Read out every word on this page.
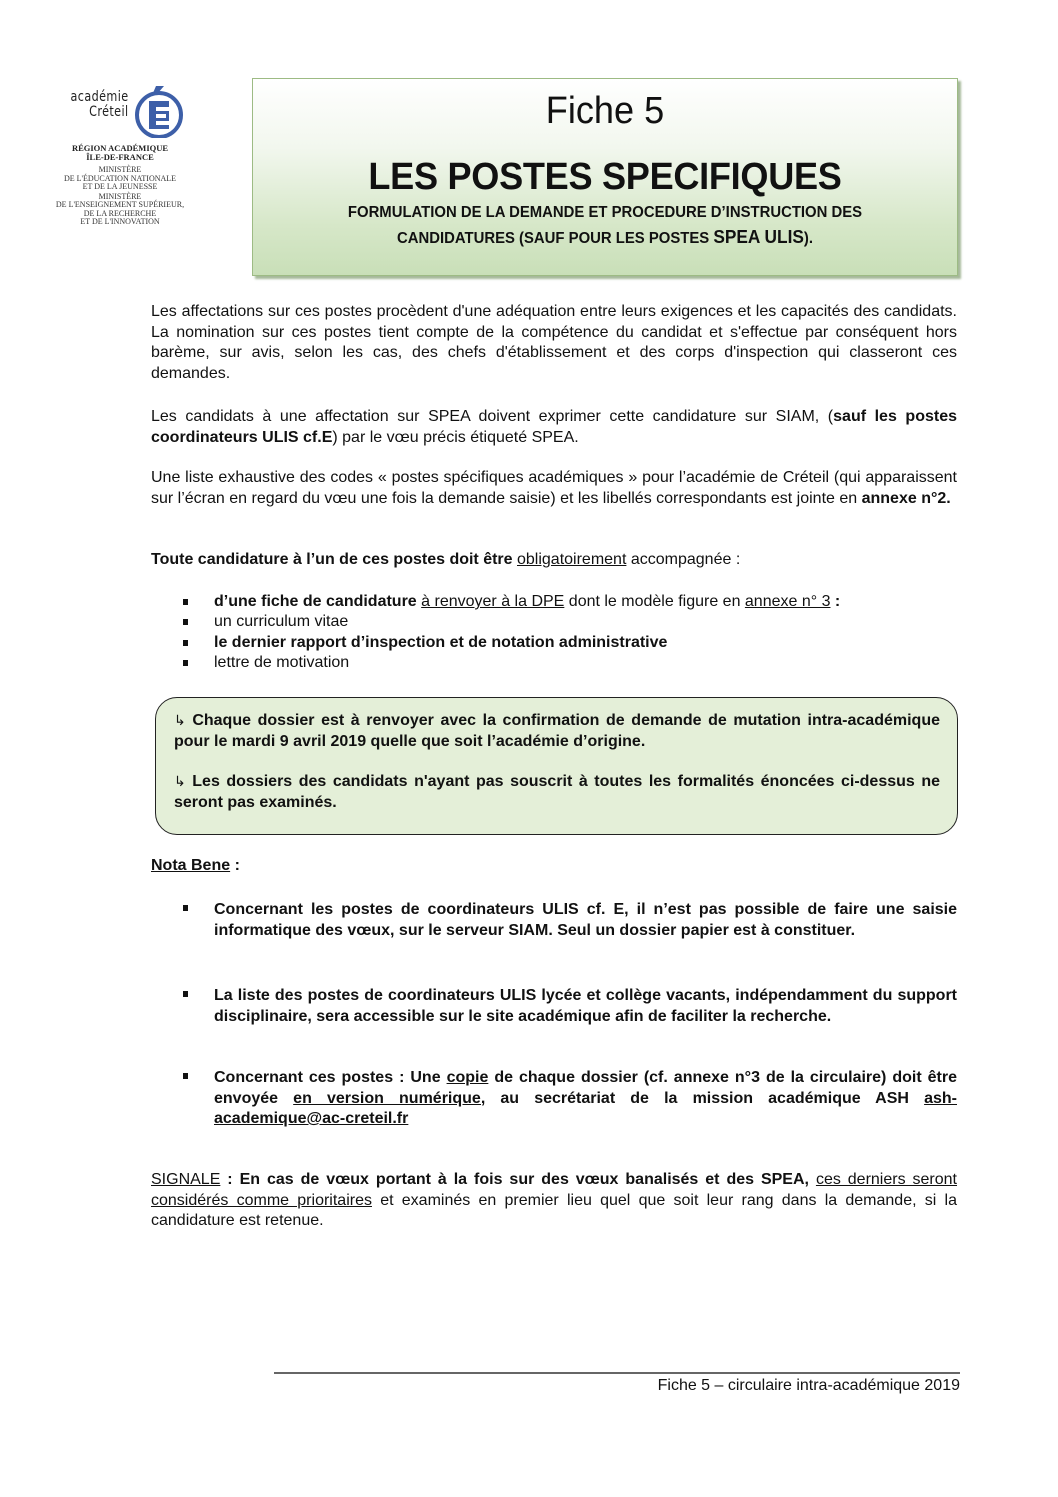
académie
Créteil
RÉGION ACADÉMIQUE
ÎLE-DE-FRANCE
MINISTÈRE
DE L'ÉDUCATION NATIONALE
ET DE LA JEUNESSE
MINISTÈRE
DE L'ENSEIGNEMENT SUPÉRIEUR,
DE LA RECHERCHE
ET DE L'INNOVATION
Fiche 5
LES POSTES SPECIFIQUES
FORMULATION DE LA DEMANDE ET PROCEDURE D’INSTRUCTION DES
CANDIDATURES (SAUF POUR LES POSTES SPEA ULIS).

Les affectations sur ces postes procèdent d'une adéquation entre leurs exigences et les capacités des candidats. La nomination sur ces postes tient compte de la compétence du candidat et s'effectue par conséquent hors barème, sur avis, selon les cas, des chefs d'établissement et des corps d'inspection qui classeront ces demandes.

Les candidats à une affectation sur SPEA doivent exprimer cette candidature sur SIAM, (sauf les postes coordinateurs ULIS cf.E) par le vœu précis étiqueté SPEA.

Une liste exhaustive des codes « postes spécifiques académiques » pour l’académie de Créteil (qui apparaissent sur l’écran en regard du vœu une fois la demande saisie) et les libellés correspondants est jointe en annexe n°2.

Toute candidature à l’un de ces postes doit être obligatoirement accompagnée :

d’une fiche de candidature à renvoyer à la DPE dont le modèle figure en annexe n° 3 :
un curriculum vitae
le dernier rapport d’inspection et de notation administrative
lettre de motivation

↳ Chaque dossier est à renvoyer avec la confirmation de demande de mutation intra-académique pour le mardi 9 avril 2019 quelle que soit l’académie d’origine.

↳ Les dossiers des candidats n'ayant pas souscrit à toutes les formalités énoncées ci-dessus ne seront pas examinés.

Nota Bene :
Concernant les postes de coordinateurs ULIS cf. E, il n’est pas possible de faire une saisie informatique des vœux, sur le serveur SIAM. Seul un dossier papier est à constituer.
La liste des postes de coordinateurs ULIS lycée et collège vacants, indépendamment du support disciplinaire, sera accessible sur le site académique afin de faciliter la recherche.
Concernant ces postes : Une copie de chaque dossier (cf. annexe n°3 de la circulaire) doit être envoyée en version numérique, au secrétariat de la mission académique ASH ash-academique@ac-creteil.fr
SIGNALE : En cas de vœux portant à la fois sur des vœux banalisés et des SPEA, ces derniers seront considérés comme prioritaires et examinés en premier lieu quel que soit leur rang dans la demande, si la candidature est retenue.
Fiche 5 – circulaire intra-académique 2019
